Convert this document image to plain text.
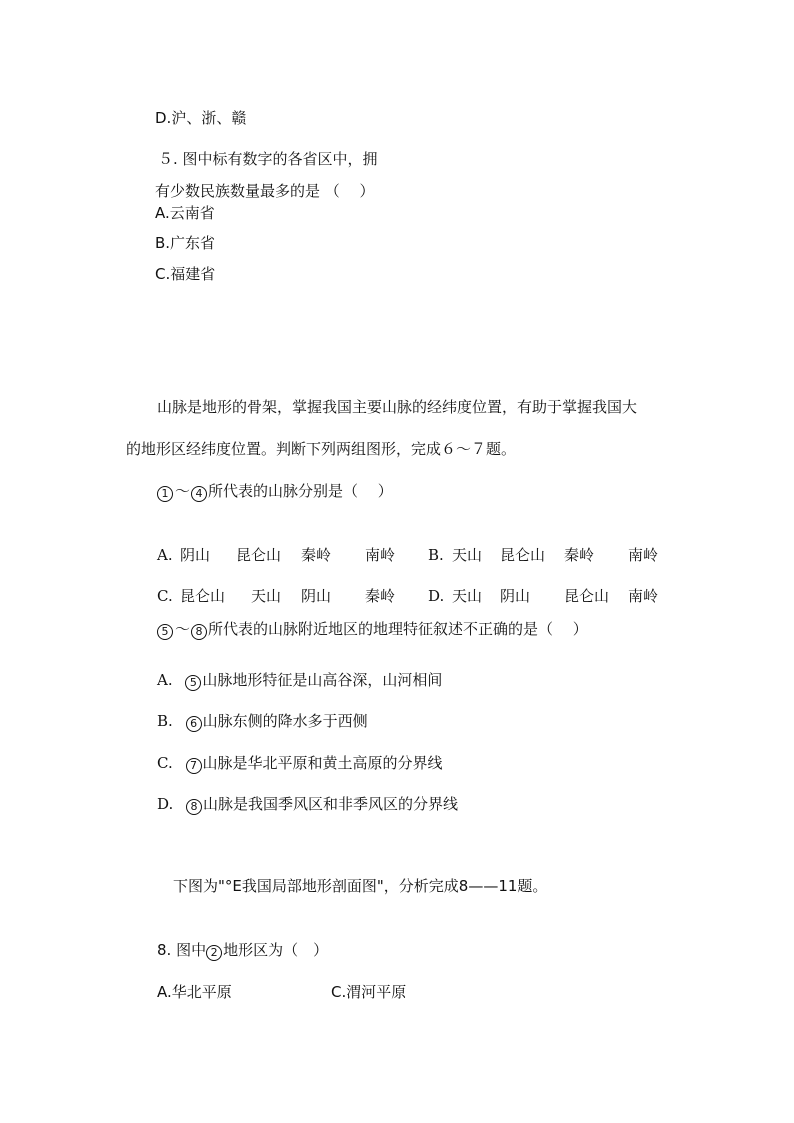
D.沪、浙、赣
５. 图中标有数字的各省区中，拥
有少数民族数量最多的是 （　 ）
A.云南省
B.广东省
C.福建省
山脉是地形的骨架，掌握我国主要山脉的经纬度位置，有助于掌握我国大
的地形区经纬度位置。判断下列两组图形，完成６～７题。
1 ～ 4 所代表的山脉分别是（　 ）
A. 阴山 昆仑山 秦岭 南岭 B. 天山 昆仑山 秦岭 南岭
C. 昆仑山 天山 阴山 秦岭 D. 天山 阴山 昆仑山 南岭
5 ～ 8 所代表的山脉附近地区的地理特征叙述不正确的是（　 ）
A. 5 山脉地形特征是山高谷深，山河相间
B. 6 山脉东侧的降水多于西侧
C. 7 山脉是华北平原和黄土高原的分界线
D. 8 山脉是我国季风区和非季风区的分界线
下图为"°E我国局部地形剖面图"，分析完成8——11题。
8. 图中 2 地形区为（　）
A.华北平原	C.渭河平原
